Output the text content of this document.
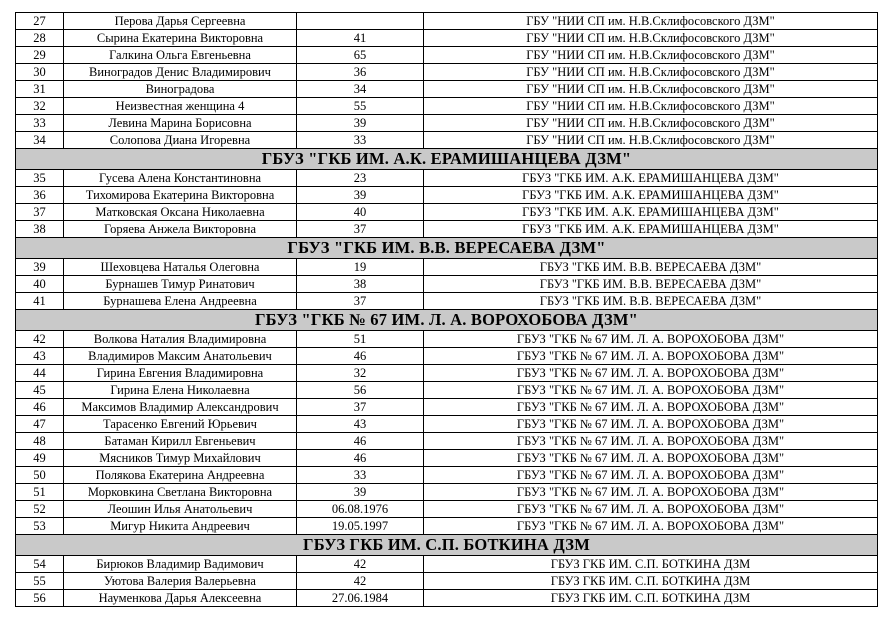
27	Перова Дарья Сергеевна		ГБУ "НИИ СП им. Н.В.Склифосовского ДЗМ"
28	Сырина Екатерина Викторовна	41	ГБУ "НИИ СП им. Н.В.Склифосовского ДЗМ"
29	Галкина Ольга Евгеньевна	65	ГБУ "НИИ СП им. Н.В.Склифосовского ДЗМ"
30	Виноградов Денис Владимирович	36	ГБУ "НИИ СП им. Н.В.Склифосовского ДЗМ"
31	Виноградова	34	ГБУ "НИИ СП им. Н.В.Склифосовского ДЗМ"
32	Неизвестная женщина 4	55	ГБУ "НИИ СП им. Н.В.Склифосовского ДЗМ"
33	Левина Марина Борисовна	39	ГБУ "НИИ СП им. Н.В.Склифосовского ДЗМ"
34	Солопова Диана Игоревна	33	ГБУ "НИИ СП им. Н.В.Склифосовского ДЗМ"
ГБУЗ "ГКБ ИМ. А.К. ЕРАМИШАНЦЕВА ДЗМ"			
35	Гусева Алена Константиновна	23	ГБУЗ "ГКБ ИМ. А.К. ЕРАМИШАНЦЕВА ДЗМ"
36	Тихомирова Екатерина Викторовна	39	ГБУЗ "ГКБ ИМ. А.К. ЕРАМИШАНЦЕВА ДЗМ"
37	Матковская Оксана Николаевна	40	ГБУЗ "ГКБ ИМ. А.К. ЕРАМИШАНЦЕВА ДЗМ"
38	Горяева Анжела Викторовна	37	ГБУЗ "ГКБ ИМ. А.К. ЕРАМИШАНЦЕВА ДЗМ"
ГБУЗ "ГКБ ИМ. В.В. ВЕРЕСАЕВА ДЗМ"			
39	Шеховцева Наталья Олеговна	19	ГБУЗ "ГКБ ИМ. В.В. ВЕРЕСАЕВА ДЗМ"
40	Бурнашев Тимур Ринатович	38	ГБУЗ "ГКБ ИМ. В.В. ВЕРЕСАЕВА ДЗМ"
41	Бурнашева Елена Андреевна	37	ГБУЗ "ГКБ ИМ. В.В. ВЕРЕСАЕВА ДЗМ"
ГБУЗ "ГКБ № 67 ИМ. Л. А. ВОРОХОБОВА ДЗМ"			
42	Волкова Наталия Владимировна	51	ГБУЗ "ГКБ № 67 ИМ. Л. А. ВОРОХОБОВА ДЗМ"
43	Владимиров Максим Анатольевич	46	ГБУЗ "ГКБ № 67 ИМ. Л. А. ВОРОХОБОВА ДЗМ"
44	Гирина Евгения Владимировна	32	ГБУЗ "ГКБ № 67 ИМ. Л. А. ВОРОХОБОВА ДЗМ"
45	Гирина Елена Николаевна	56	ГБУЗ "ГКБ № 67 ИМ. Л. А. ВОРОХОБОВА ДЗМ"
46	Максимов Владимир Александрович	37	ГБУЗ "ГКБ № 67 ИМ. Л. А. ВОРОХОБОВА ДЗМ"
47	Тарасенко Евгений Юрьевич	43	ГБУЗ "ГКБ № 67 ИМ. Л. А. ВОРОХОБОВА ДЗМ"
48	Батаман Кирилл Евгеньевич	46	ГБУЗ "ГКБ № 67 ИМ. Л. А. ВОРОХОБОВА ДЗМ"
49	Мясников Тимур Михайлович	46	ГБУЗ "ГКБ № 67 ИМ. Л. А. ВОРОХОБОВА ДЗМ"
50	Полякова Екатерина Андреевна	33	ГБУЗ "ГКБ № 67 ИМ. Л. А. ВОРОХОБОВА ДЗМ"
51	Морковкина Светлана Викторовна	39	ГБУЗ "ГКБ № 67 ИМ. Л. А. ВОРОХОБОВА ДЗМ"
52	Леошин Илья Анатольевич	06.08.1976	ГБУЗ "ГКБ № 67 ИМ. Л. А. ВОРОХОБОВА ДЗМ"
53	Мигур Никита Андреевич	19.05.1997	ГБУЗ "ГКБ № 67 ИМ. Л. А. ВОРОХОБОВА ДЗМ"
ГБУЗ ГКБ ИМ. С.П. БОТКИНА ДЗМ			
54	Бирюков Владимир Вадимович	42	ГБУЗ ГКБ ИМ. С.П. БОТКИНА ДЗМ
55	Уютова Валерия Валерьевна	42	ГБУЗ ГКБ ИМ. С.П. БОТКИНА ДЗМ
56	Науменкова Дарья Алексеевна	27.06.1984	ГБУЗ ГКБ ИМ. С.П. БОТКИНА ДЗМ
